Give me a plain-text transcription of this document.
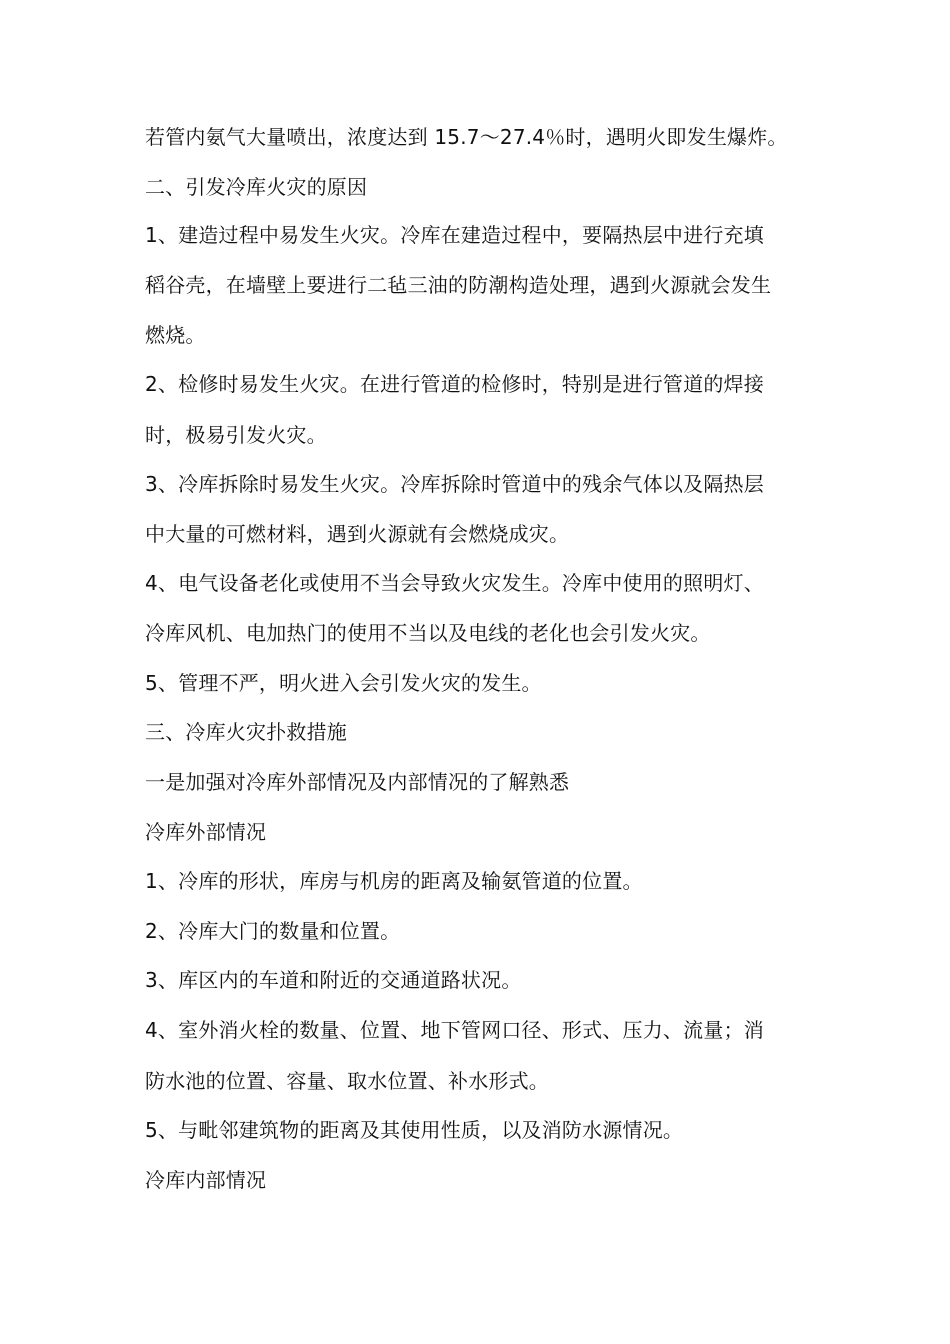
若管内氨气大量喷出，浓度达到 15.7～27.4％时，遇明火即发生爆炸。
二、引发冷库火灾的原因
1、建造过程中易发生火灾。冷库在建造过程中，要隔热层中进行充填
稻谷壳，在墙壁上要进行二毡三油的防潮构造处理，遇到火源就会发生
燃烧。
2、检修时易发生火灾。在进行管道的检修时，特别是进行管道的焊接
时，极易引发火灾。
3、冷库拆除时易发生火灾。冷库拆除时管道中的残余气体以及隔热层
中大量的可燃材料，遇到火源就有会燃烧成灾。
4、电气设备老化或使用不当会导致火灾发生。冷库中使用的照明灯、
冷库风机、电加热门的使用不当以及电线的老化也会引发火灾。
5、管理不严，明火进入会引发火灾的发生。
三、冷库火灾扑救措施
一是加强对冷库外部情况及内部情况的了解熟悉
冷库外部情况
1、冷库的形状，库房与机房的距离及输氨管道的位置。
2、冷库大门的数量和位置。
3、库区内的车道和附近的交通道路状况。
4、室外消火栓的数量、位置、地下管网口径、形式、压力、流量；消
防水池的位置、容量、取水位置、补水形式。
5、与毗邻建筑物的距离及其使用性质，以及消防水源情况。
冷库内部情况
